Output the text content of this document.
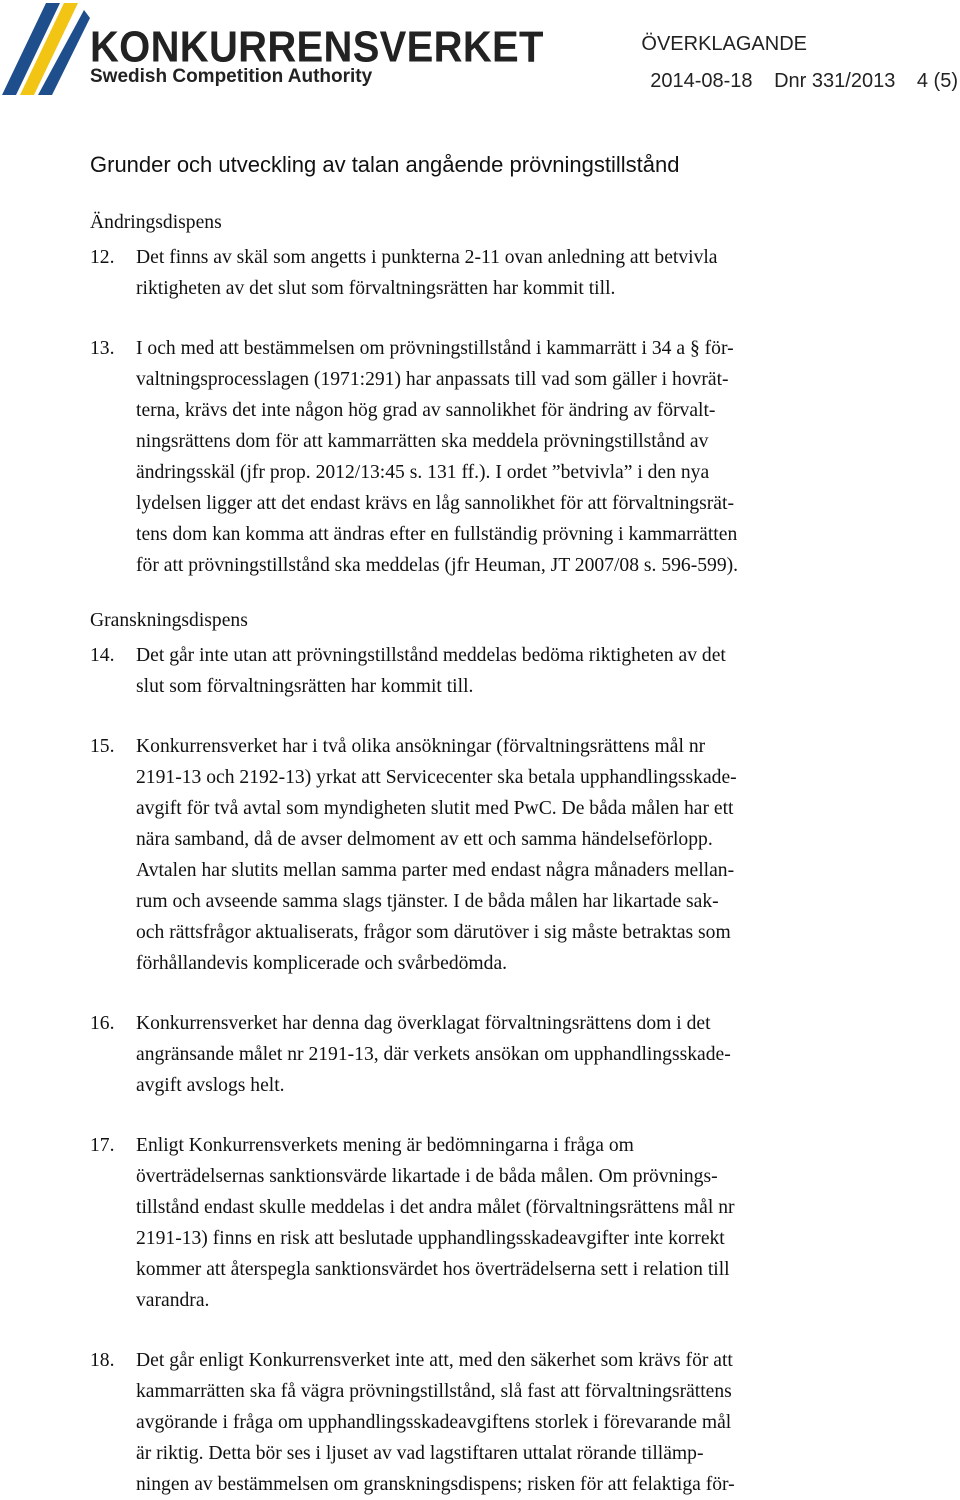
KONKURRENSVERKET
Swedish Competition Authority
ÖVERKLAGANDE
2014-08-18 Dnr 331/2013 4 (5)
Grunder och utveckling av talan angående prövningstillstånd
Ändringsdispens
12. Det finns av skäl som angetts i punkterna 2-11 ovan anledning att betvivla
riktigheten av det slut som förvaltningsrätten har kommit till.
13. I och med att bestämmelsen om prövningstillstånd i kammarrätt i 34 a § för-
valtningsprocesslagen (1971:291) har anpassats till vad som gäller i hovrät-
terna, krävs det inte någon hög grad av sannolikhet för ändring av förvalt-
ningsrättens dom för att kammarrätten ska meddela prövningstillstånd av
ändringsskäl (jfr prop. 2012/13:45 s. 131 ff.). I ordet ”betvivla” i den nya
lydelsen ligger att det endast krävs en låg sannolikhet för att förvaltningsrät-
tens dom kan komma att ändras efter en fullständig prövning i kammarrätten
för att prövningstillstånd ska meddelas (jfr Heuman, JT 2007/08 s. 596-599).
Granskningsdispens
14. Det går inte utan att prövningstillstånd meddelas bedöma riktigheten av det
slut som förvaltningsrätten har kommit till.
15. Konkurrensverket har i två olika ansökningar (förvaltningsrättens mål nr
2191-13 och 2192-13) yrkat att Servicecenter ska betala upphandlingsskade-
avgift för två avtal som myndigheten slutit med PwC. De båda målen har ett
nära samband, då de avser delmoment av ett och samma händelseförlopp.
Avtalen har slutits mellan samma parter med endast några månaders mellan-
rum och avseende samma slags tjänster. I de båda målen har likartade sak-
och rättsfrågor aktualiserats, frågor som därutöver i sig måste betraktas som
förhållandevis komplicerade och svårbedömda.
16. Konkurrensverket har denna dag överklagat förvaltningsrättens dom i det
angränsande målet nr 2191-13, där verkets ansökan om upphandlingsskade-
avgift avslogs helt.
17. Enligt Konkurrensverkets mening är bedömningarna i fråga om
överträdelsernas sanktionsvärde likartade i de båda målen. Om prövnings-
tillstånd endast skulle meddelas i det andra målet (förvaltningsrättens mål nr
2191-13) finns en risk att beslutade upphandlingsskadeavgifter inte korrekt
kommer att återspegla sanktionsvärdet hos överträdelserna sett i relation till
varandra.
18. Det går enligt Konkurrensverket inte att, med den säkerhet som krävs för att
kammarrätten ska få vägra prövningstillstånd, slå fast att förvaltningsrättens
avgörande i fråga om upphandlingsskadeavgiftens storlek i förevarande mål
är riktig. Detta bör ses i ljuset av vad lagstiftaren uttalat rörande tillämp-
ningen av bestämmelsen om granskningsdispens; risken för att felaktiga för-
